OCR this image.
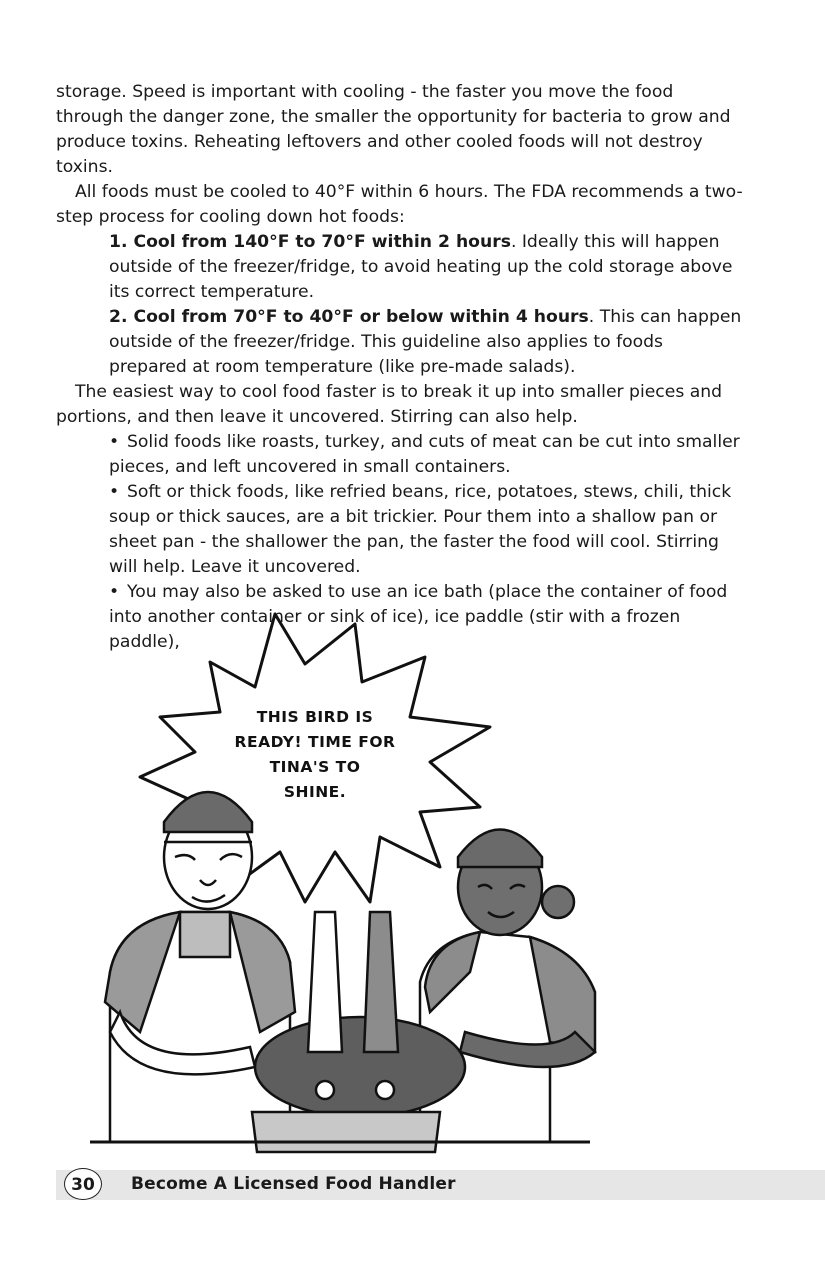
storage. Speed is important with cooling - the faster you move the food through the danger zone, the smaller the opportunity for bacteria to grow and produce toxins. Reheating leftovers and other cooled foods will not destroy toxins.

All foods must be cooled to 40°F within 6 hours. The FDA recommends a two-step process for cooling down hot foods:

1. Cool from 140°F to 70°F within 2 hours. Ideally this will happen outside of the freezer/fridge, to avoid heating up the cold storage above its correct temperature.

2. Cool from 70°F to 40°F or below within 4 hours. This can happen outside of the freezer/fridge. This guideline also applies to foods prepared at room temperature (like pre-made salads).

The easiest way to cool food faster is to break it up into smaller pieces and portions, and then leave it uncovered. Stirring can also help.

• Solid foods like roasts, turkey, and cuts of meat can be cut into smaller pieces, and left uncovered in small containers.

• Soft or thick foods, like refried beans, rice, potatoes, stews, chili, thick soup or thick sauces, are a bit trickier. Pour them into a shallow pan or sheet pan - the shallower the pan, the faster the food will cool. Stirring will help. Leave it uncovered.

• You may also be asked to use an ice bath (place the container of food into another container or sink of ice), ice paddle (stir with a frozen paddle),

THIS BIRD IS
READY! TIME FOR
TINA'S TO
SHINE.
30	Become A Licensed Food Handler
